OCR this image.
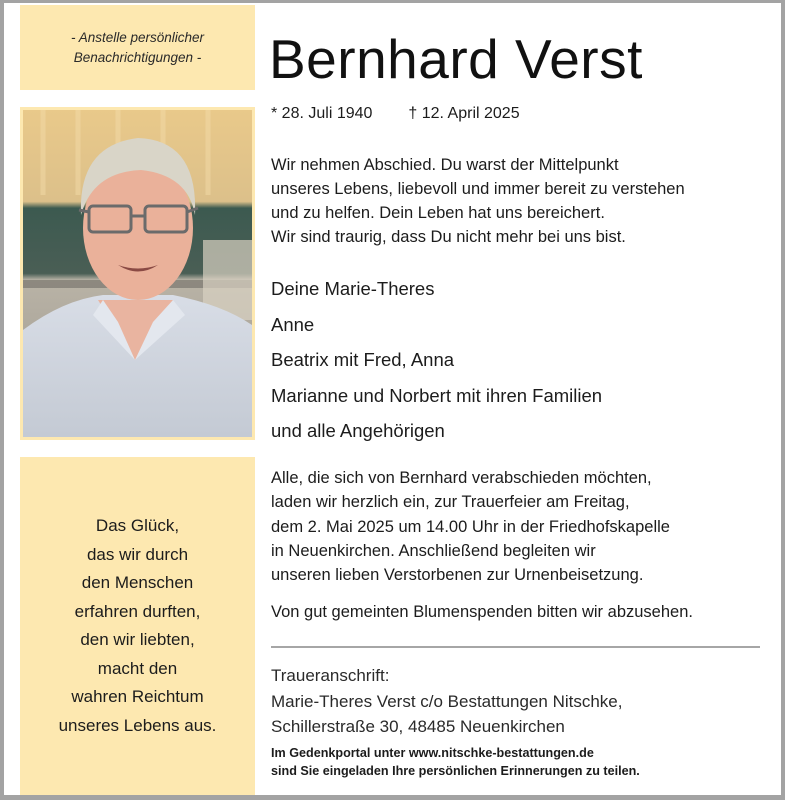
- Anstelle persönlicher
Benachrichtigungen -
Das Glück,
das wir durch
den Menschen
erfahren durften,
den wir liebten,
macht den
wahren Reichtum
unseres Lebens aus.
Bernhard Verst
* 28. Juli 1940 † 12. April 2025
Wir nehmen Abschied. Du warst der Mittelpunkt
unseres Lebens, liebevoll und immer bereit zu verstehen
und zu helfen. Dein Leben hat uns bereichert.
Wir sind traurig, dass Du nicht mehr bei uns bist.
Deine Marie-Theres
Anne
Beatrix mit Fred, Anna
Marianne und Norbert mit ihren Familien
und alle Angehörigen
Alle, die sich von Bernhard verabschieden möchten,
laden wir herzlich ein, zur Trauerfeier am Freitag,
dem 2. Mai 2025 um 14.00 Uhr in der Friedhofskapelle
in Neuenkirchen. Anschließend begleiten wir
unseren lieben Verstorbenen zur Urnenbeisetzung.
Von gut gemeinten Blumenspenden bitten wir abzusehen.
Traueranschrift:
Marie-Theres Verst c/o Bestattungen Nitschke,
Schillerstraße 30, 48485 Neuenkirchen
Im Gedenkportal unter www.nitschke-bestattungen.de
sind Sie eingeladen Ihre persönlichen Erinnerungen zu teilen.
